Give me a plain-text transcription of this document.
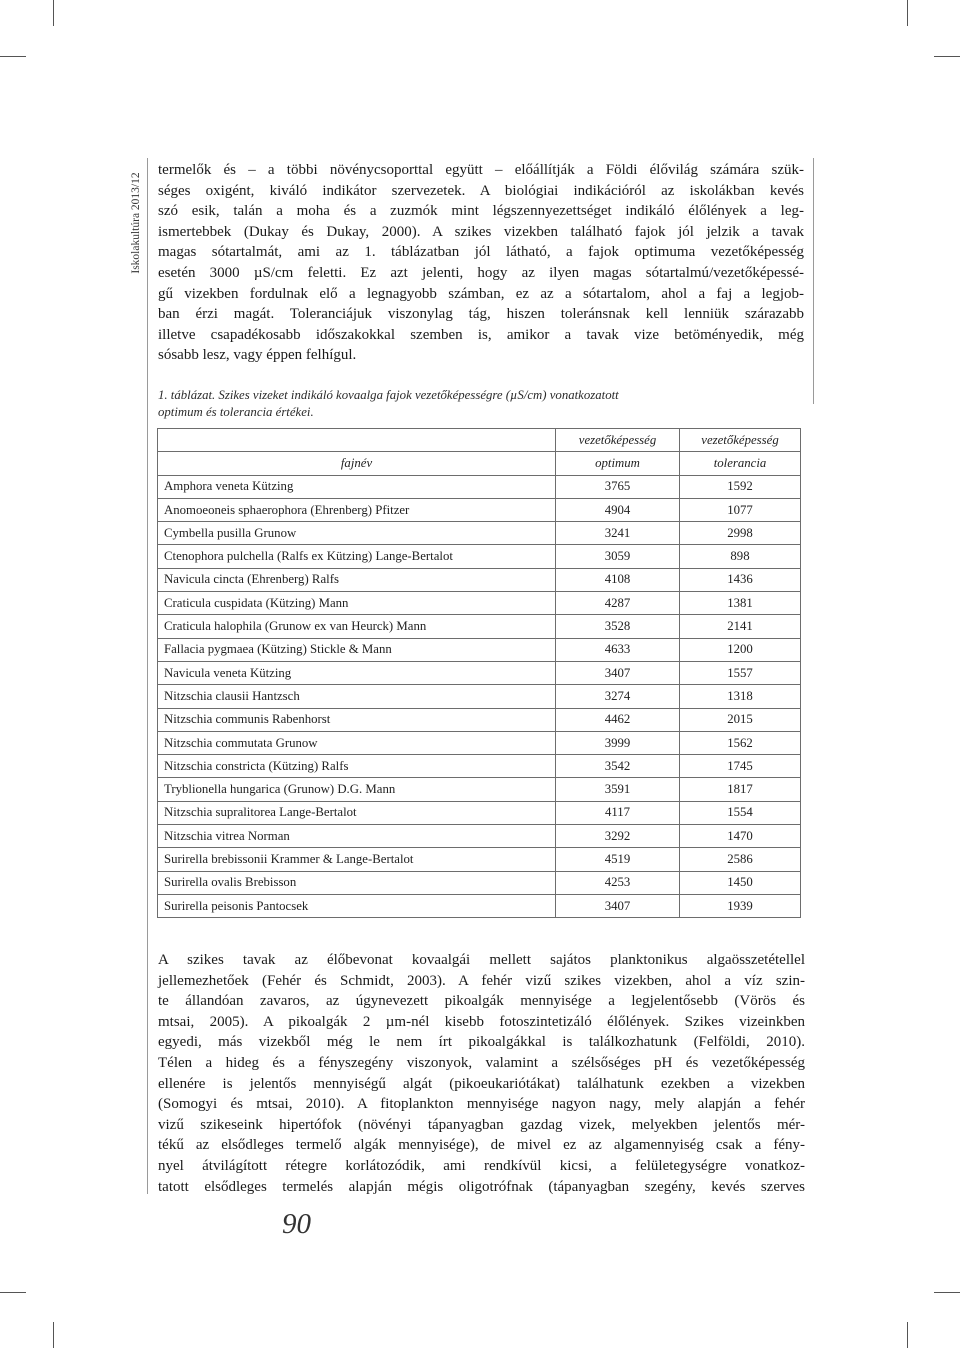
Iskolakultúra 2013/12
termelők és – a többi növénycsoporttal együtt – előállítják a Földi élővilág számára szük-
séges oxigént, kiváló indikátor szervezetek. A biológiai indikációról az iskolákban kevés
szó esik, talán a moha és a zuzmók mint légszennyezettséget indikáló élőlények a leg-
ismertebbek (Dukay és Dukay, 2000). A szikes vizekben található fajok jól jelzik a tavak
magas sótartalmát, ami az 1. táblázatban jól látható, a fajok optimuma vezetőképesség
esetén 3000 µS/cm feletti. Ez azt jelenti, hogy az ilyen magas sótartalmú/vezetőképessé-
gű vizekben fordulnak elő a legnagyobb számban, ez az a sótartalom, ahol a faj a legjob-
ban érzi magát. Toleranciájuk viszonylag tág, hiszen toleránsnak kell lenniük szárazabb
illetve csapadékosabb időszakokkal szemben is, amikor a tavak vize betöményedik, még
sósabb lesz, vagy éppen felhígul.
1. táblázat. Szikes vizeket indikáló kovaalga fajok vezetőképességre (µS/cm) vonatkozatott
optimum és tolerancia értékei.
	vezetőképesség	vezetőképesség
fajnév	optimum	tolerancia
Amphora veneta Kützing	3765	1592
Anomoeoneis sphaerophora (Ehrenberg) Pfitzer	4904	1077
Cymbella pusilla Grunow	3241	2998
Ctenophora pulchella (Ralfs ex Kützing) Lange-Bertalot	3059	898
Navicula cincta (Ehrenberg) Ralfs	4108	1436
Craticula cuspidata (Kützing) Mann	4287	1381
Craticula halophila (Grunow ex van Heurck) Mann	3528	2141
Fallacia pygmaea (Kützing) Stickle & Mann	4633	1200
Navicula veneta Kützing	3407	1557
Nitzschia clausii Hantzsch	3274	1318
Nitzschia communis Rabenhorst	4462	2015
Nitzschia commutata Grunow	3999	1562
Nitzschia constricta (Kützing) Ralfs	3542	1745
Tryblionella hungarica (Grunow) D.G. Mann	3591	1817
Nitzschia supralitorea Lange-Bertalot	4117	1554
Nitzschia vitrea Norman	3292	1470
Surirella brebissonii Krammer & Lange-Bertalot	4519	2586
Surirella ovalis Brebisson	4253	1450
Surirella peisonis Pantocsek	3407	1939
A szikes tavak az élőbevonat kovaalgái mellett sajátos planktonikus algaösszetétellel
jellemezhetőek (Fehér és Schmidt, 2003). A fehér vizű szikes vizekben, ahol a víz szin-
te állandóan zavaros, az úgynevezett pikoalgák mennyisége a legjelentősebb (Vörös és
mtsai, 2005). A pikoalgák 2 µm-nél kisebb fotoszintetizáló élőlények. Szikes vizeinkben
egyedi, más vizekből még le nem írt pikoalgákkal is találkozhatunk (Felföldi, 2010).
Télen a hideg és a fényszegény viszonyok, valamint a szélsőséges pH és vezetőképesség
ellenére is jelentős mennyiségű algát (pikoeukariótákat) találhatunk ezekben a vizekben
(Somogyi és mtsai, 2010). A fitoplankton mennyisége nagyon nagy, mely alapján a fehér
vizű szikeseink hipertófok (növényi tápanyagban gazdag vizek, melyekben jelentős mér-
tékű az elsődleges termelő algák mennyisége), de mivel ez az algamennyiség csak a fény-
nyel átvilágított rétegre korlátozódik, ami rendkívül kicsi, a felületegységre vonatkoz-
tatott elsődleges termelés alapján mégis oligotrófnak (tápanyagban szegény, kevés szerves
90
